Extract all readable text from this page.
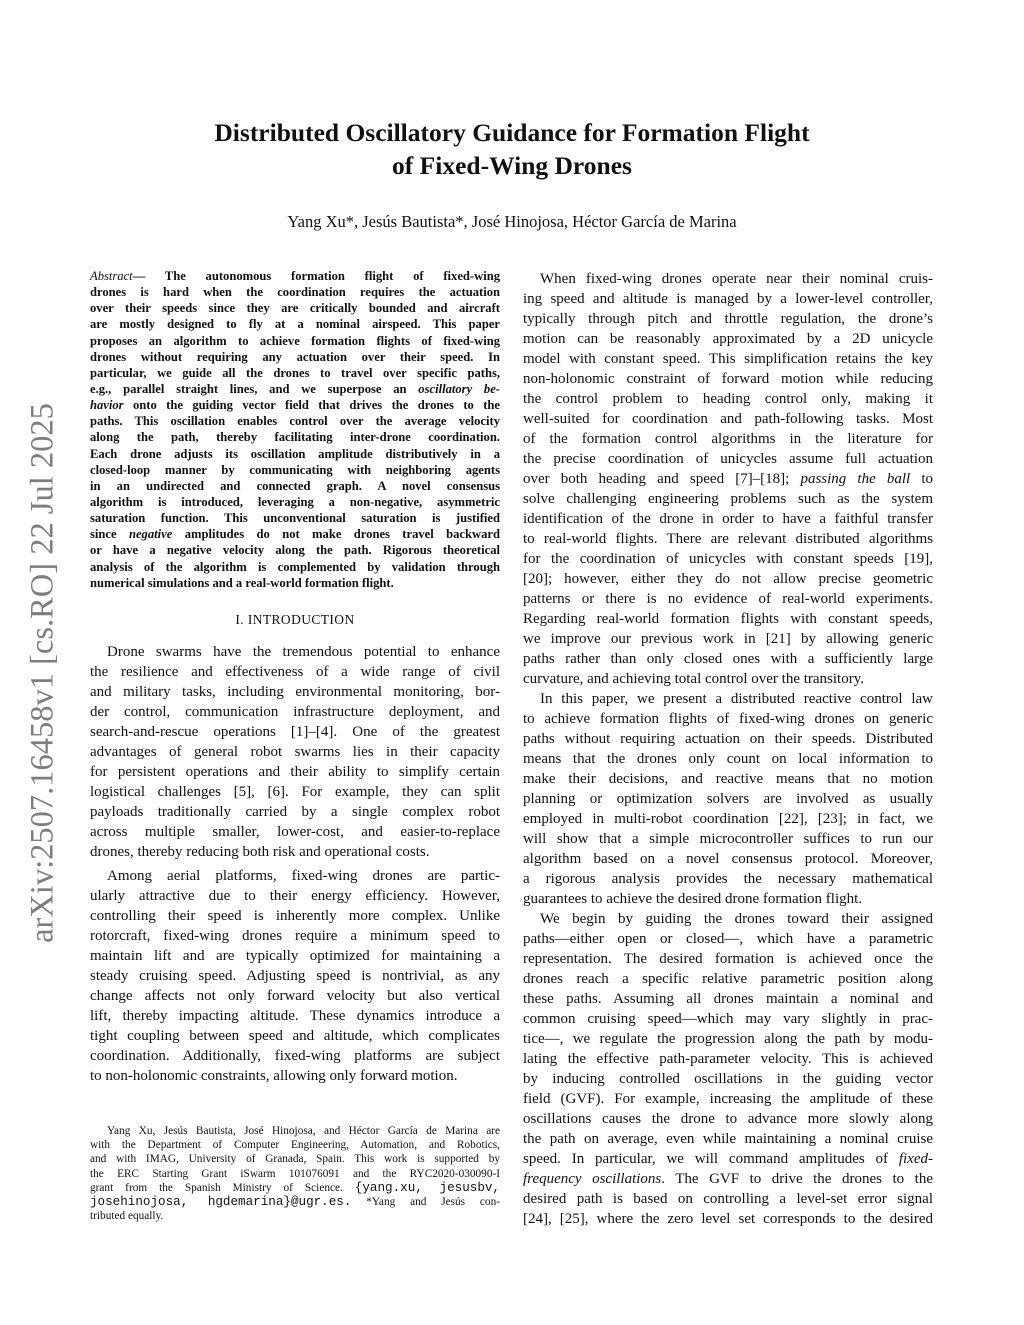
arXiv:2507.16458v1 [cs.RO] 22 Jul 2025
Distributed Oscillatory Guidance for Formation Flight
of Fixed-Wing Drones
Yang Xu*, Jesús Bautista*, José Hinojosa, Héctor García de Marina
Abstract— The autonomous formation flight of fixed-wing
drones is hard when the coordination requires the actuation
over their speeds since they are critically bounded and aircraft
are mostly designed to fly at a nominal airspeed. This paper
proposes an algorithm to achieve formation flights of fixed-wing
drones without requiring any actuation over their speed. In
particular, we guide all the drones to travel over specific paths,
e.g., parallel straight lines, and we superpose an oscillatory be-
havior onto the guiding vector field that drives the drones to the
paths. This oscillation enables control over the average velocity
along the path, thereby facilitating inter-drone coordination.
Each drone adjusts its oscillation amplitude distributively in a
closed-loop manner by communicating with neighboring agents
in an undirected and connected graph. A novel consensus
algorithm is introduced, leveraging a non-negative, asymmetric
saturation function. This unconventional saturation is justified
since negative amplitudes do not make drones travel backward
or have a negative velocity along the path. Rigorous theoretical
analysis of the algorithm is complemented by validation through
numerical simulations and a real-world formation flight.
I. INTRODUCTION
Drone swarms have the tremendous potential to enhance
the resilience and effectiveness of a wide range of civil
and military tasks, including environmental monitoring, bor-
der control, communication infrastructure deployment, and
search-and-rescue operations [1]–[4]. One of the greatest
advantages of general robot swarms lies in their capacity
for persistent operations and their ability to simplify certain
logistical challenges [5], [6]. For example, they can split
payloads traditionally carried by a single complex robot
across multiple smaller, lower-cost, and easier-to-replace
drones, thereby reducing both risk and operational costs.
Among aerial platforms, fixed-wing drones are partic-
ularly attractive due to their energy efficiency. However,
controlling their speed is inherently more complex. Unlike
rotorcraft, fixed-wing drones require a minimum speed to
maintain lift and are typically optimized for maintaining a
steady cruising speed. Adjusting speed is nontrivial, as any
change affects not only forward velocity but also vertical
lift, thereby impacting altitude. These dynamics introduce a
tight coupling between speed and altitude, which complicates
coordination. Additionally, fixed-wing platforms are subject
to non-holonomic constraints, allowing only forward motion.
Yang Xu, Jesús Bautista, José Hinojosa, and Héctor García de Marina are
with the Department of Computer Engineering, Automation, and Robotics,
and with IMAG, University of Granada, Spain. This work is supported by
the ERC Starting Grant iSwarm 101076091 and the RYC2020-030090-I
grant from the Spanish Ministry of Science. {yang.xu, jesusbv,
josehinojosa, hgdemarina}@ugr.es. *Yang and Jesús con-
tributed equally.
When fixed-wing drones operate near their nominal cruis-
ing speed and altitude is managed by a lower-level controller,
typically through pitch and throttle regulation, the drone’s
motion can be reasonably approximated by a 2D unicycle
model with constant speed. This simplification retains the key
non-holonomic constraint of forward motion while reducing
the control problem to heading control only, making it
well-suited for coordination and path-following tasks. Most
of the formation control algorithms in the literature for
the precise coordination of unicycles assume full actuation
over both heading and speed [7]–[18]; passing the ball to
solve challenging engineering problems such as the system
identification of the drone in order to have a faithful transfer
to real-world flights. There are relevant distributed algorithms
for the coordination of unicycles with constant speeds [19],
[20]; however, either they do not allow precise geometric
patterns or there is no evidence of real-world experiments.
Regarding real-world formation flights with constant speeds,
we improve our previous work in [21] by allowing generic
paths rather than only closed ones with a sufficiently large
curvature, and achieving total control over the transitory.
In this paper, we present a distributed reactive control law
to achieve formation flights of fixed-wing drones on generic
paths without requiring actuation on their speeds. Distributed
means that the drones only count on local information to
make their decisions, and reactive means that no motion
planning or optimization solvers are involved as usually
employed in multi-robot coordination [22], [23]; in fact, we
will show that a simple microcontroller suffices to run our
algorithm based on a novel consensus protocol. Moreover,
a rigorous analysis provides the necessary mathematical
guarantees to achieve the desired drone formation flight.
We begin by guiding the drones toward their assigned
paths—either open or closed—, which have a parametric
representation. The desired formation is achieved once the
drones reach a specific relative parametric position along
these paths. Assuming all drones maintain a nominal and
common cruising speed—which may vary slightly in prac-
tice—, we regulate the progression along the path by modu-
lating the effective path-parameter velocity. This is achieved
by inducing controlled oscillations in the guiding vector
field (GVF). For example, increasing the amplitude of these
oscillations causes the drone to advance more slowly along
the path on average, even while maintaining a nominal cruise
speed. In particular, we will command amplitudes of fixed-
frequency oscillations. The GVF to drive the drones to the
desired path is based on controlling a level-set error signal
[24], [25], where the zero level set corresponds to the desired
